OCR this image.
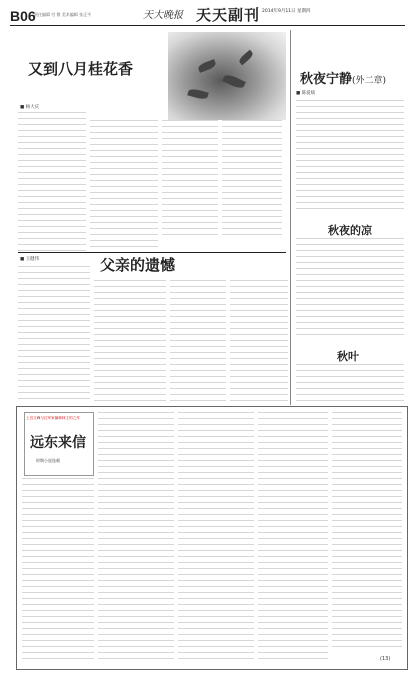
B06
责任编辑 付 敬 美术编辑 张正平	天大晚报 天天副刊 2014年9月11日 星期四
又到八月桂花香
■ 杨大庆
■ 王健伟	父亲的遗憾
秋夜宁静(外二章)
■ 陈爱斌
秋夜的凉
秋叶
上官文峰与红军家属韩林王的之作
远东来信
时期小说选载
(13)
